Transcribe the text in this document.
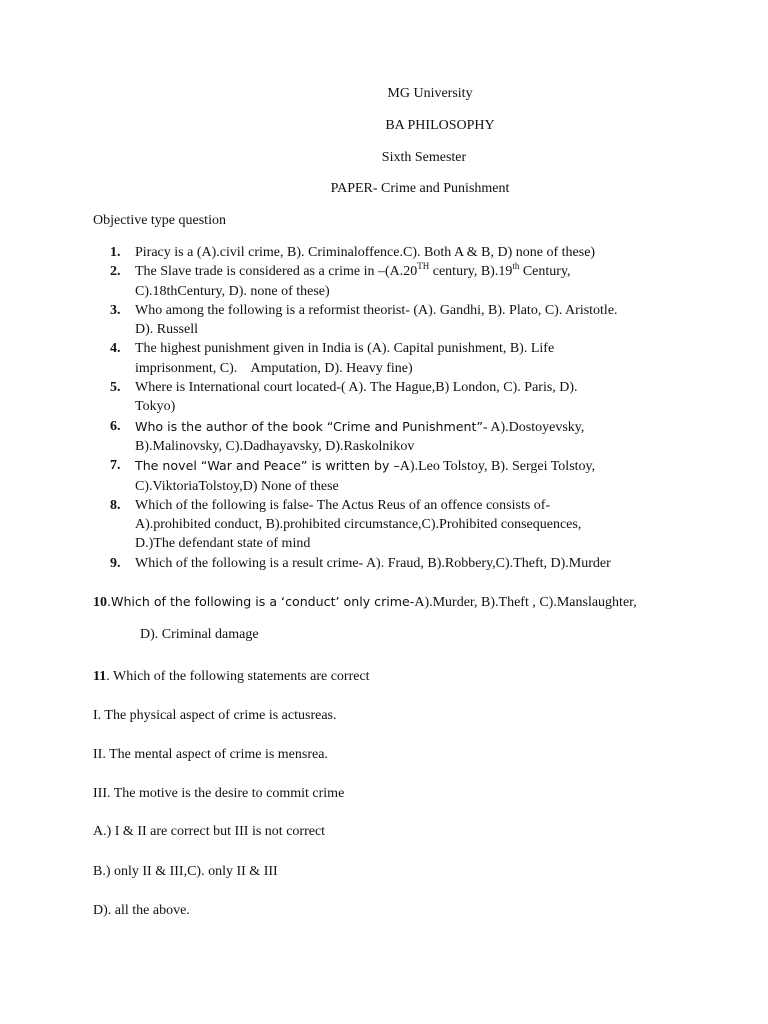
MG University
BA PHILOSOPHY
Sixth Semester
PAPER- Crime and Punishment
Objective type question
1. Piracy is a (A).civil crime, B). Criminaloffence.C). Both A & B, D) none of these)
2. The Slave trade is considered as a crime in –(A.20TH century, B).19th Century,
C).18thCentury, D). none of these)
3. Who among the following is a reformist theorist- (A). Gandhi, B). Plato, C). Aristotle.
D). Russell
4. The highest punishment given in India is (A). Capital punishment, B). Life
imprisonment, C).    Amputation, D). Heavy fine)
5. Where is International court located-( A). The Hague,B) London, C). Paris, D).
Tokyo)
6. Who is the author of the book “Crime and Punishment”- A).Dostoyevsky,
B).Malinovsky, C).Dadhayavsky, D).Raskolnikov
7. The novel “War and Peace” is written by –A).Leo Tolstoy, B). Sergei Tolstoy,
C).ViktoriaTolstoy,D) None of these
8. Which of the following is false- The Actus Reus of an offence consists of-
A).prohibited conduct, B).prohibited circumstance,C).Prohibited consequences,
D.)The defendant state of mind
9. Which of the following is a result crime- A). Fraud, B).Robbery,C).Theft, D).Murder
10.Which of the following is a ‘conduct’ only crime-A).Murder, B).Theft , C).Manslaughter,
D). Criminal damage
11. Which of the following statements are correct
I. The physical aspect of crime is actusreas.
II. The mental aspect of crime is mensrea.
III. The motive is the desire to commit crime
A.) I & II are correct but III is not correct
B.) only II & III,C). only II & III
D). all the above.
